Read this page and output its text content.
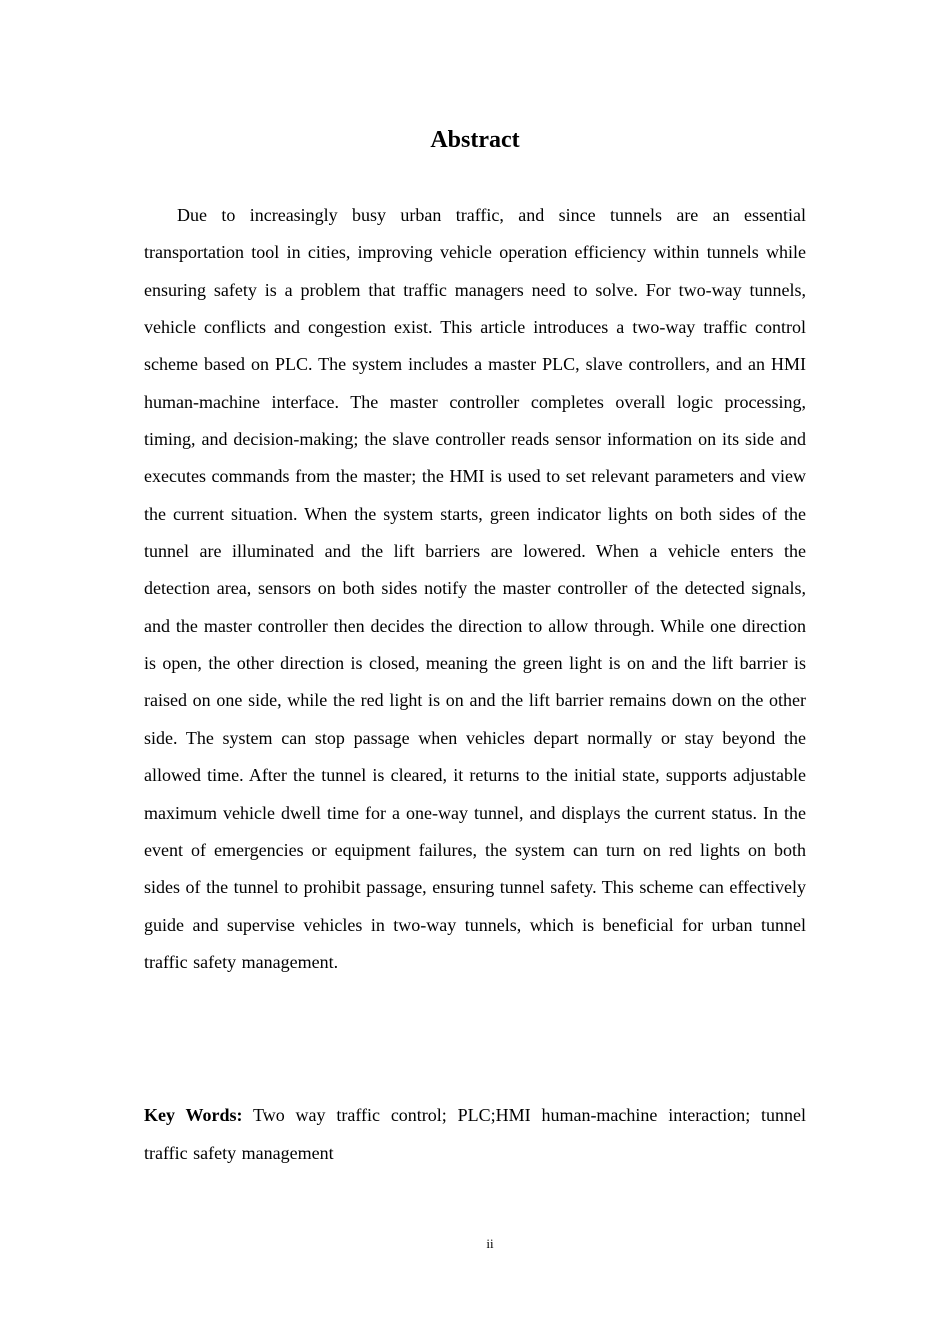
Abstract

Due to increasingly busy urban traffic, and since tunnels are an essential transportation tool in cities, improving vehicle operation efficiency within tunnels while ensuring safety is a problem that traffic managers need to solve. For two-way tunnels, vehicle conflicts and congestion exist. This article introduces a two-way traffic control scheme based on PLC. The system includes a master PLC, slave controllers, and an HMI human-machine interface. The master controller completes overall logic processing, timing, and decision-making; the slave controller reads sensor information on its side and executes commands from the master; the HMI is used to set relevant parameters and view the current situation. When the system starts, green indicator lights on both sides of the tunnel are illuminated and the lift barriers are lowered. When a vehicle enters the detection area, sensors on both sides notify the master controller of the detected signals, and the master controller then decides the direction to allow through. While one direction is open, the other direction is closed, meaning the green light is on and the lift barrier is raised on one side, while the red light is on and the lift barrier remains down on the other side. The system can stop passage when vehicles depart normally or stay beyond the allowed time. After the tunnel is cleared, it returns to the initial state, supports adjustable maximum vehicle dwell time for a one-way tunnel, and displays the current status. In the event of emergencies or equipment failures, the system can turn on red lights on both sides of the tunnel to prohibit passage, ensuring tunnel safety. This scheme can effectively guide and supervise vehicles in two-way tunnels, which is beneficial for urban tunnel traffic safety management.

Key Words: Two way traffic control; PLC;HMI human-machine interaction; tunnel traffic safety management

ii
